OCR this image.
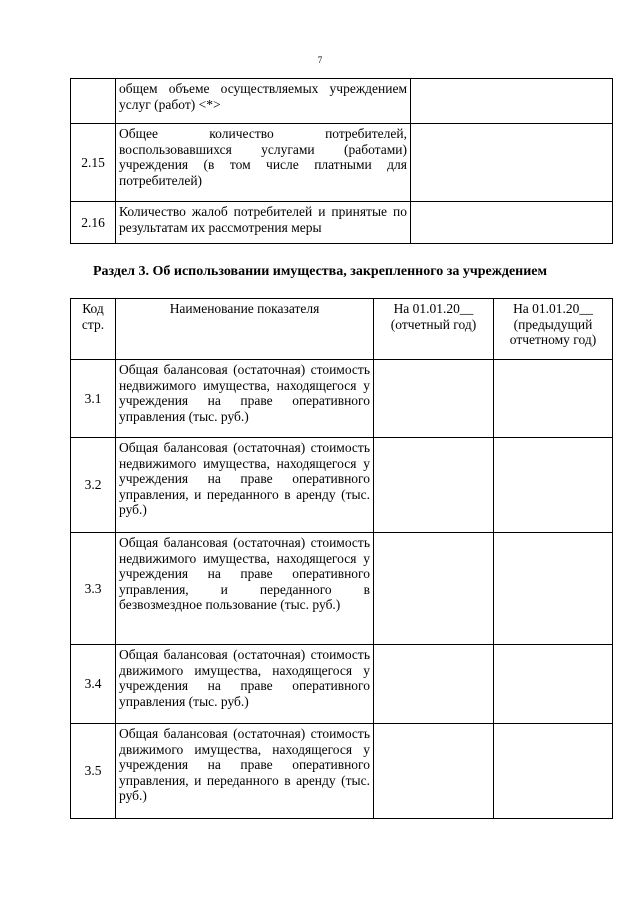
7
	общем объеме осуществляемых учреждением услуг (работ) <*>	
2.15	Общее количество потребителей, воспользовавшихся услугами (работами) учреждения (в том числе платными для потребителей)	
2.16	Количество жалоб потребителей и принятые по результатам их рассмотрения меры	
Раздел 3. Об использовании имущества, закрепленного за учреждением
Код стр.	Наименование показателя	На 01.01.20__ (отчетный год)	На 01.01.20__ (предыдущий отчетному год)
3.1	Общая балансовая (остаточная) стоимость недвижимого имущества, находящегося у учреждения на праве оперативного управления (тыс. руб.)		
3.2	Общая балансовая (остаточная) стоимость недвижимого имущества, находящегося у учреждения на праве оперативного управления, и переданного в аренду (тыс. руб.)		
3.3	Общая балансовая (остаточная) стоимость недвижимого имущества, находящегося у учреждения на праве оперативного управления, и переданного в безвозмездное пользование (тыс. руб.)		
3.4	Общая балансовая (остаточная) стоимость движимого имущества, находящегося у учреждения на праве оперативного управления (тыс. руб.)		
3.5	Общая балансовая (остаточная) стоимость движимого имущества, находящегося у учреждения на праве оперативного управления, и переданного в аренду (тыс. руб.)		
